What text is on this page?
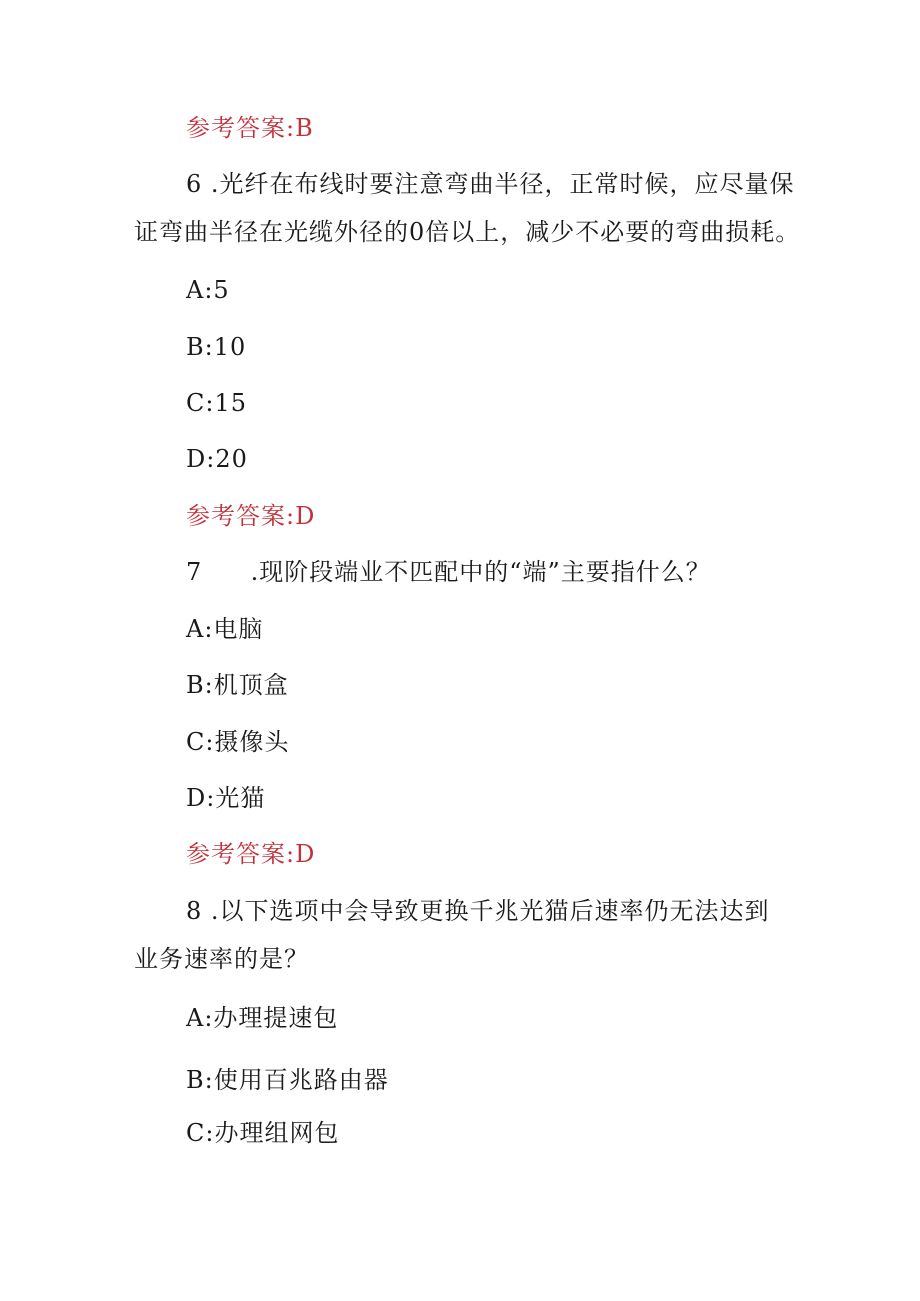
参考答案:B
6 .光纤在布线时要注意弯曲半径，正常时候，应尽量保
证弯曲半径在光缆外径的0倍以上，减少不必要的弯曲损耗。
A:5
B:10
C:15
D:20
参考答案:D
7 .现阶段端业不匹配中的“端”主要指什么？
A:电脑
B:机顶盒
C:摄像头
D:光猫
参考答案:D
8 .以下选项中会导致更换千兆光猫后速率仍无法达到
业务速率的是？
A:办理提速包
B:使用百兆路由器
C:办理组网包
